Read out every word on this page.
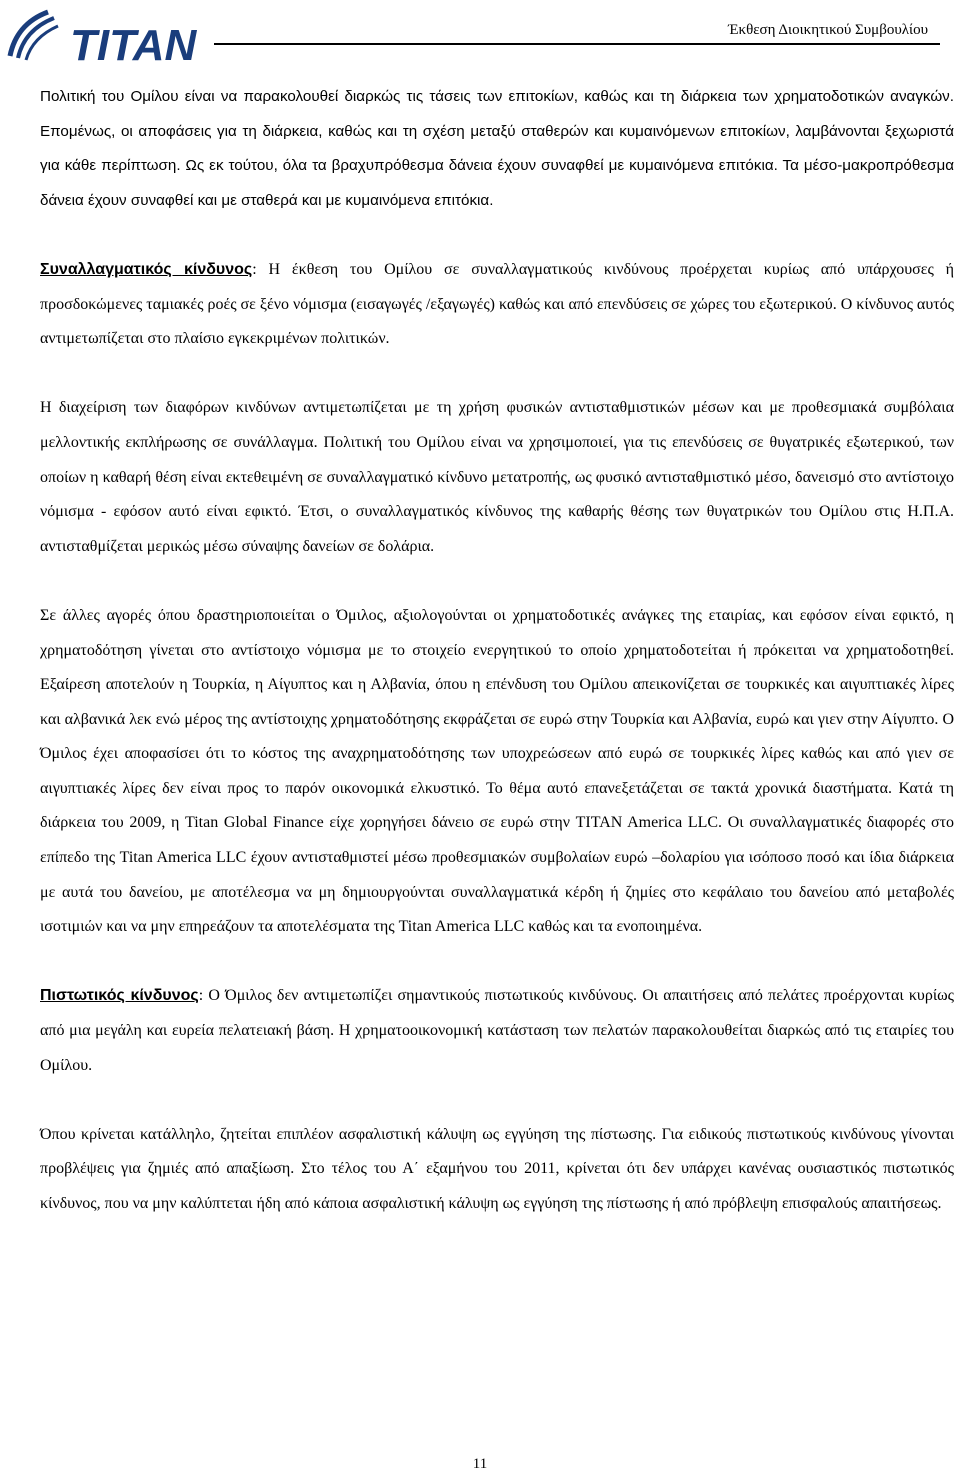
TITAN	Έκθεση Διοικητικού Συμβουλίου

Πολιτική του Ομίλου είναι να παρακολουθεί διαρκώς τις τάσεις των επιτοκίων, καθώς και τη διάρκεια των χρηματοδοτικών αναγκών. Επομένως, οι αποφάσεις για τη διάρκεια, καθώς και τη σχέση μεταξύ σταθερών και κυμαινόμενων επιτοκίων, λαμβάνονται ξεχωριστά για κάθε περίπτωση. Ως εκ τούτου, όλα τα βραχυπρόθεσμα δάνεια έχουν συναφθεί με κυμαινόμενα επιτόκια. Τα μέσο-μακροπρόθεσμα δάνεια έχουν συναφθεί και με σταθερά και με κυμαινόμενα επιτόκια.

Συναλλαγματικός κίνδυνος: Η έκθεση του Ομίλου σε συναλλαγματικούς κινδύνους προέρχεται κυρίως από υπάρχουσες ή προσδοκώμενες ταμιακές ροές σε ξένο νόμισμα (εισαγωγές /εξαγωγές) καθώς και από επενδύσεις σε χώρες του εξωτερικού. Ο κίνδυνος αυτός αντιμετωπίζεται στο πλαίσιο εγκεκριμένων πολιτικών.

Η διαχείριση των διαφόρων κινδύνων αντιμετωπίζεται με τη χρήση φυσικών αντισταθμιστικών μέσων και με προθεσμιακά συμβόλαια μελλοντικής εκπλήρωσης σε συνάλλαγμα. Πολιτική του Ομίλου είναι να χρησιμοποιεί, για τις επενδύσεις σε θυγατρικές εξωτερικού, των οποίων η καθαρή θέση είναι εκτεθειμένη σε συναλλαγματικό κίνδυνο μετατροπής, ως φυσικό αντισταθμιστικό μέσο, δανεισμό στο αντίστοιχο νόμισμα - εφόσον αυτό είναι εφικτό. Έτσι, ο συναλλαγματικός κίνδυνος της καθαρής θέσης των θυγατρικών του Ομίλου στις Η.Π.Α. αντισταθμίζεται μερικώς μέσω σύναψης δανείων σε δολάρια.

Σε άλλες αγορές όπου δραστηριοποιείται ο Όμιλος, αξιολογούνται οι χρηματοδοτικές ανάγκες της εταιρίας, και εφόσον είναι εφικτό, η χρηματοδότηση γίνεται στο αντίστοιχο νόμισμα με το στοιχείο ενεργητικού το οποίο χρηματοδοτείται ή πρόκειται να χρηματοδοτηθεί. Εξαίρεση αποτελούν η Τουρκία, η Αίγυπτος και η Αλβανία, όπου η επένδυση του Ομίλου απεικονίζεται σε τουρκικές και αιγυπτιακές λίρες και αλβανικά λεκ ενώ μέρος της αντίστοιχης χρηματοδότησης εκφράζεται σε ευρώ στην Τουρκία και Αλβανία, ευρώ και γιεν στην Αίγυπτο. Ο Όμιλος έχει αποφασίσει ότι το κόστος της αναχρηματοδότησης των υποχρεώσεων από ευρώ σε τουρκικές λίρες καθώς και από γιεν σε αιγυπτιακές λίρες δεν είναι προς το παρόν οικονομικά ελκυστικό. Το θέμα αυτό επανεξετάζεται σε τακτά χρονικά διαστήματα. Κατά τη διάρκεια του 2009, η Titan Global Finance είχε χορηγήσει δάνειο σε ευρώ στην TITAN America LLC. Οι συναλλαγματικές διαφορές στο επίπεδο της Titan America LLC έχουν αντισταθμιστεί μέσω προθεσμιακών συμβολαίων ευρώ –δολαρίου για ισόποσο ποσό και ίδια διάρκεια με αυτά του δανείου, με αποτέλεσμα να μη δημιουργούνται συναλλαγματικά κέρδη ή ζημίες στο κεφάλαιο του δανείου από μεταβολές ισοτιμιών και να μην επηρεάζουν τα αποτελέσματα της Titan America LLC καθώς και τα ενοποιημένα.

Πιστωτικός κίνδυνος: Ο Όμιλος δεν αντιμετωπίζει σημαντικούς πιστωτικούς κινδύνους. Οι απαιτήσεις από πελάτες προέρχονται κυρίως από μια μεγάλη και ευρεία πελατειακή βάση. Η χρηματοοικονομική κατάσταση των πελατών παρακολουθείται διαρκώς από τις εταιρίες του Ομίλου.

Όπου κρίνεται κατάλληλο, ζητείται επιπλέον ασφαλιστική κάλυψη ως εγγύηση της πίστωσης. Για ειδικούς πιστωτικούς κινδύνους γίνονται προβλέψεις για ζημιές από απαξίωση. Στο τέλος του Α΄ εξαμήνου του 2011, κρίνεται ότι δεν υπάρχει κανένας ουσιαστικός πιστωτικός κίνδυνος, που να μην καλύπτεται ήδη από κάποια ασφαλιστική κάλυψη ως εγγύηση της πίστωσης ή από πρόβλεψη επισφαλούς απαιτήσεως.

11
